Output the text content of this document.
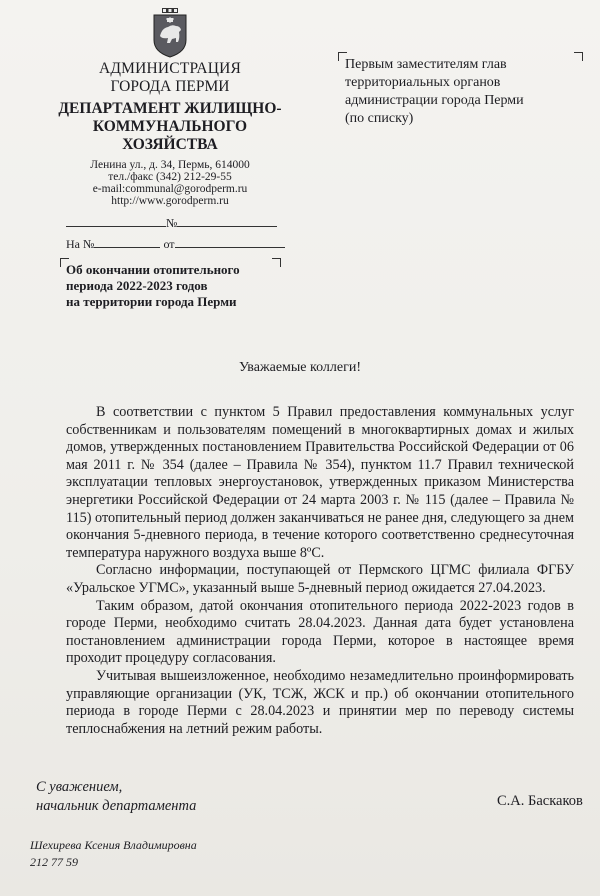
АДМИНИСТРАЦИЯ
ГОРОДА ПЕРМИ
ДЕПАРТАМЕНТ ЖИЛИЩНО-
КОММУНАЛЬНОГО
ХОЗЯЙСТВА
Ленина ул., д. 34, Пермь, 614000
тел./факс (342) 212-29-55
e-mail:communal@gorodperm.ru
http://www.gorodperm.ru
№
На №	от
Об окончании отопительного
периода 2022-2023 годов
на территории города Перми
Первым заместителям глав
территориальных органов
администрации города Перми
(по списку)
Уважаемые коллеги!

В соответствии с пунктом 5 Правил предоставления коммунальных услуг собственникам и пользователям помещений в многоквартирных домах и жилых домов, утвержденных постановлением Правительства Российской Федерации от 06 мая 2011 г. № 354 (далее – Правила № 354), пунктом 11.7 Правил технической эксплуатации тепловых энергоустановок, утвержденных приказом Министерства энергетики Российской Федерации от 24 марта 2003 г. № 115 (далее – Правила № 115) отопительный период должен заканчиваться не ранее дня, следующего за днем окончания 5-дневного периода, в течение которого соответственно среднесуточная температура наружного воздуха выше 8ºС.

Согласно информации, поступающей от Пермского ЦГМС филиала ФГБУ «Уральское УГМС», указанный выше 5-дневный период ожидается 27.04.2023.

Таким образом, датой окончания отопительного периода 2022-2023 годов в городе Перми, необходимо считать 28.04.2023. Данная дата будет установлена постановлением администрации города Перми, которое в настоящее время проходит процедуру согласования.

Учитывая вышеизложенное, необходимо незамедлительно проинформировать управляющие организации (УК, ТСЖ, ЖСК и пр.) об окончании отопительного периода в городе Перми с 28.04.2023 и принятии мер по переводу системы теплоснабжения на летний режим работы.

С уважением,
начальник департамента	С.А. Баскаков
Шехирева Ксения Владимировна
212 77 59
